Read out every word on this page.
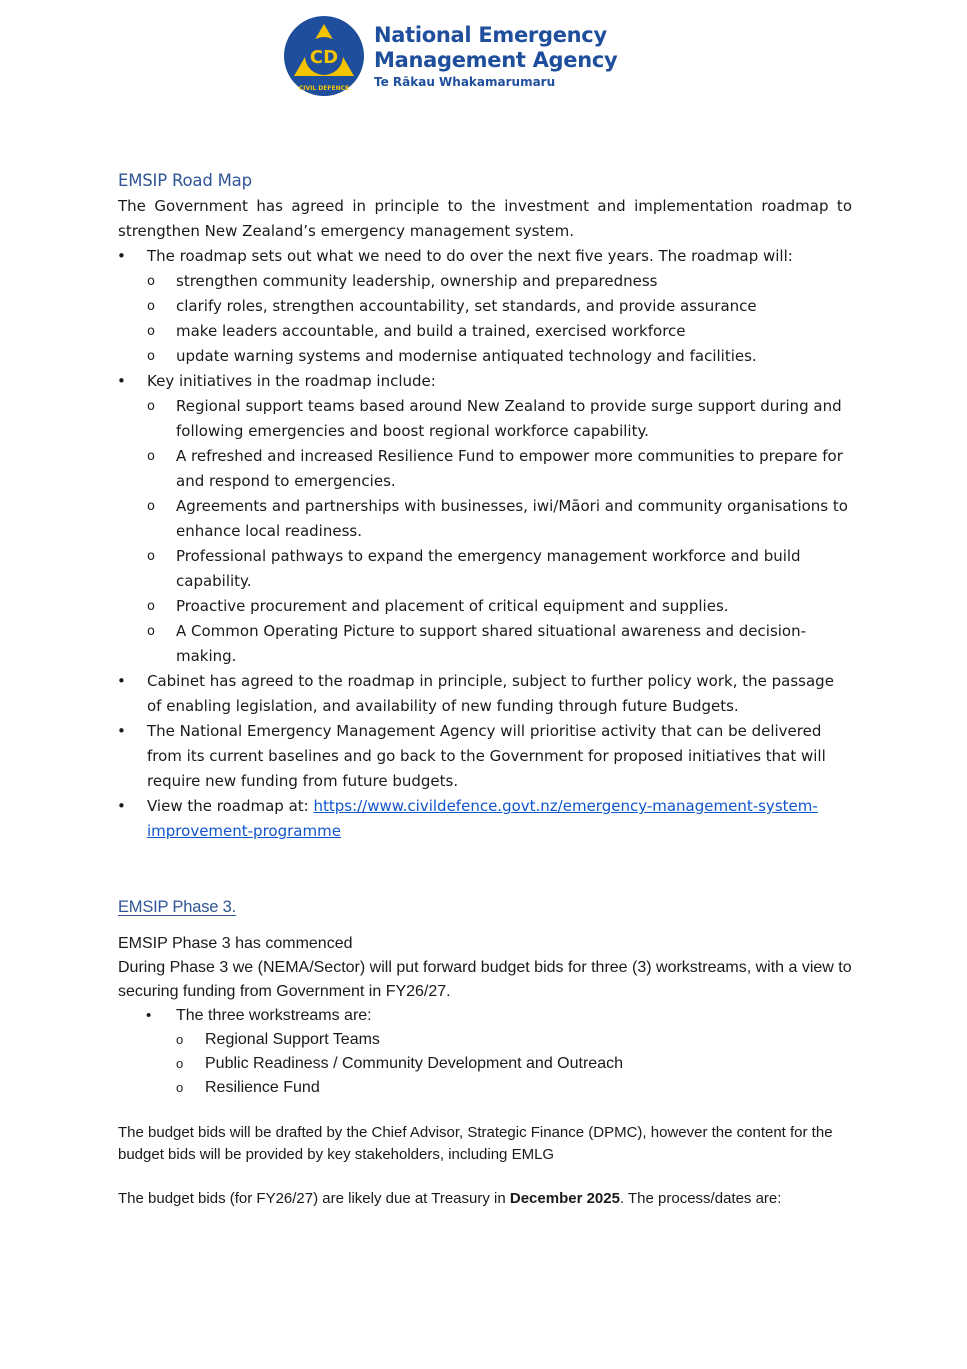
CD
CIVIL DEFENCE
National Emergency
Management Agency
Te Rākau Whakamarumaru
EMSIP Road Map
The Government has agreed in principle to the investment and implementation roadmap to strengthen New Zealand’s emergency management system.
• The roadmap sets out what we need to do over the next five years. The roadmap will:
o strengthen community leadership, ownership and preparedness
o clarify roles, strengthen accountability, set standards, and provide assurance
o make leaders accountable, and build a trained, exercised workforce
o update warning systems and modernise antiquated technology and facilities.
• Key initiatives in the roadmap include:
o Regional support teams based around New Zealand to provide surge support during and following emergencies and boost regional workforce capability.
o A refreshed and increased Resilience Fund to empower more communities to prepare for and respond to emergencies.
o Agreements and partnerships with businesses, iwi/Māori and community organisations to enhance local readiness.
o Professional pathways to expand the emergency management workforce and build capability.
o Proactive procurement and placement of critical equipment and supplies.
o A Common Operating Picture to support shared situational awareness and decision-making.
• Cabinet has agreed to the roadmap in principle, subject to further policy work, the passage of enabling legislation, and availability of new funding through future Budgets.
• The National Emergency Management Agency will prioritise activity that can be delivered from its current baselines and go back to the Government for proposed initiatives that will require new funding from future budgets.
• View the roadmap at: https://www.civildefence.govt.nz/emergency-management-system-improvement-programme
EMSIP Phase 3.
EMSIP Phase 3 has commenced
During Phase 3 we (NEMA/Sector) will put forward budget bids for three (3) workstreams, with a view to securing funding from Government in FY26/27.
• The three workstreams are:
o Regional Support Teams
o Public Readiness / Community Development and Outreach
o Resilience Fund
The budget bids will be drafted by the Chief Advisor, Strategic Finance (DPMC), however the content for the budget bids will be provided by key stakeholders, including EMLG
The budget bids (for FY26/27) are likely due at Treasury in December 2025. The process/dates are:
